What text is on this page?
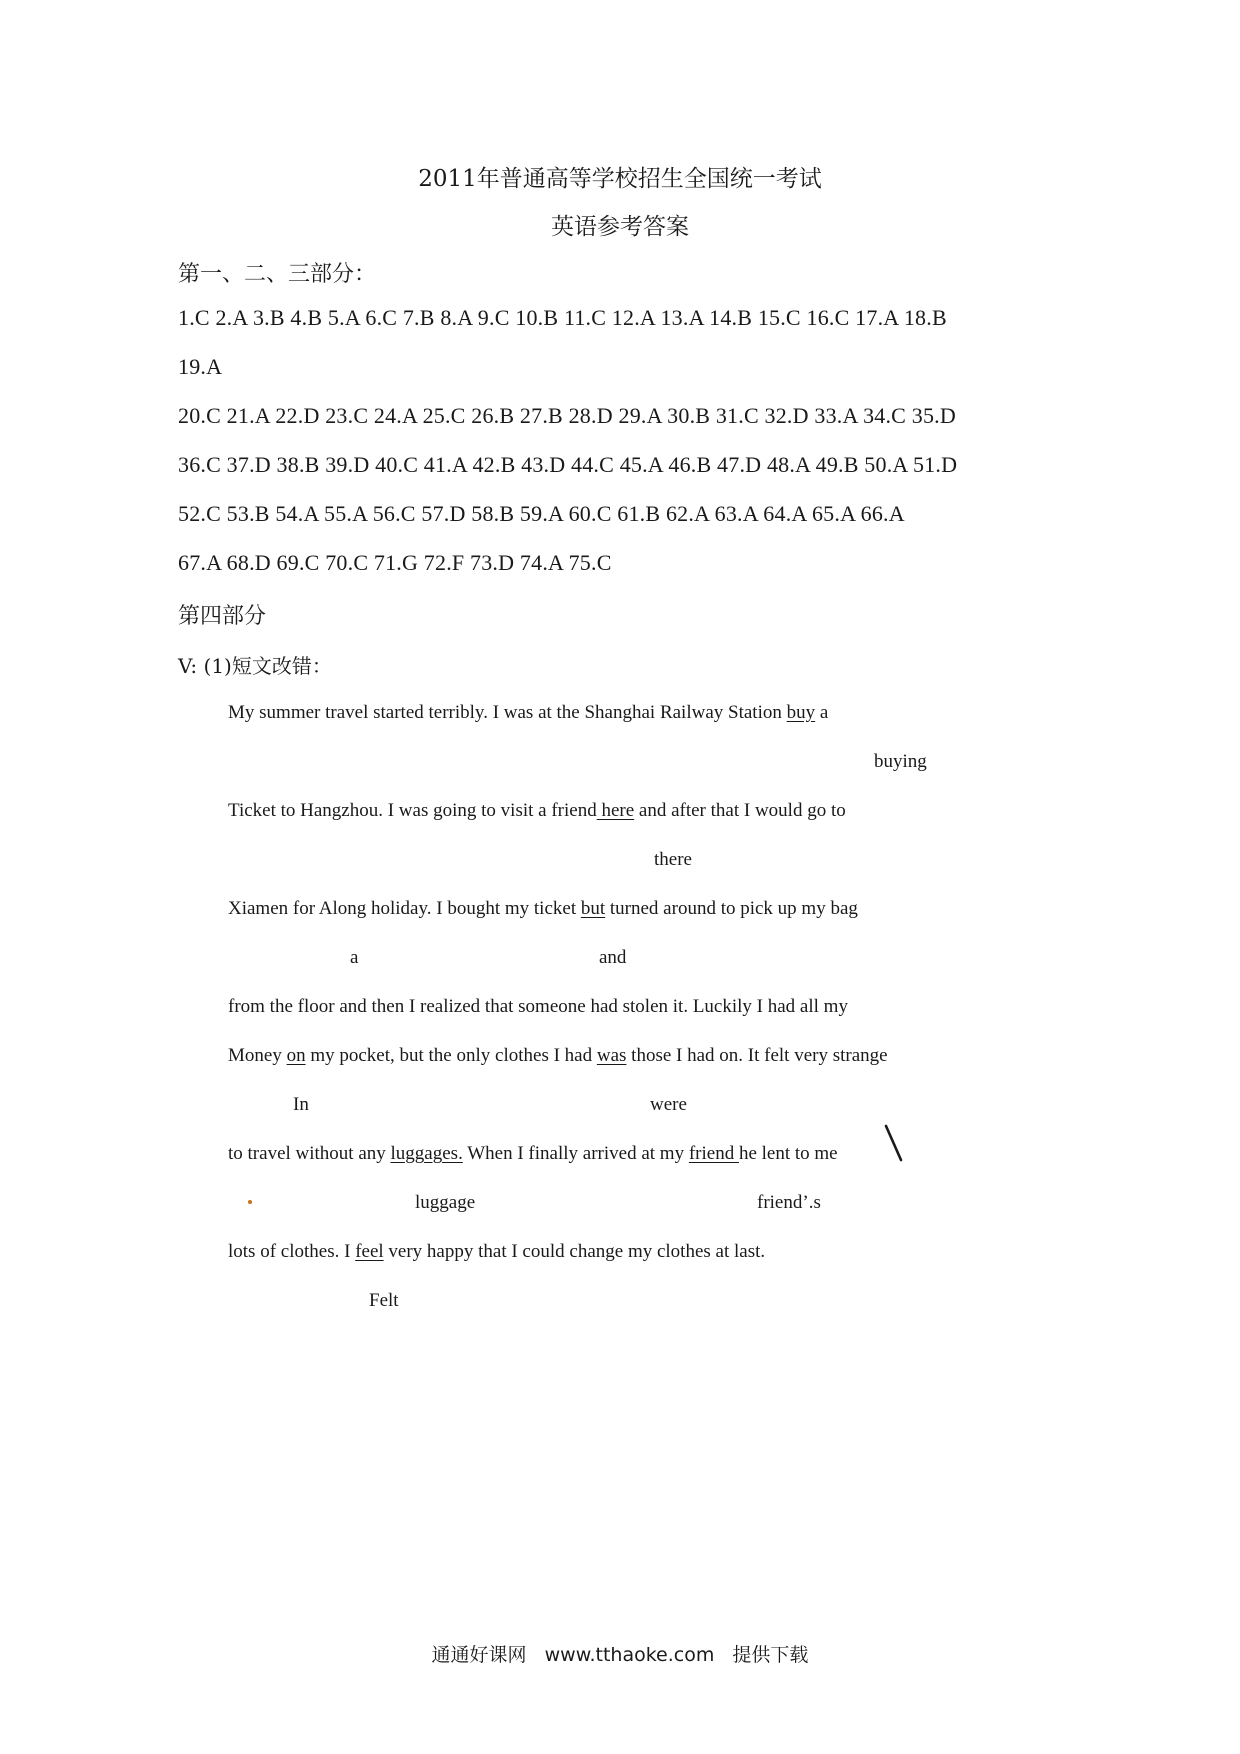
2011年普通高等学校招生全国统一考试
英语参考答案
第一、二、三部分：
1.C 2.A 3.B 4.B 5.A 6.C 7.B 8.A 9.C 10.B 11.C 12.A 13.A 14.B 15.C 16.C 17.A 18.B
19.A
20.C 21.A 22.D 23.C 24.A 25.C 26.B 27.B 28.D 29.A 30.B 31.C 32.D 33.A 34.C 35.D
36.C 37.D 38.B 39.D 40.C 41.A 42.B 43.D 44.C 45.A 46.B 47.D 48.A 49.B 50.A 51.D
52.C 53.B 54.A 55.A 56.C 57.D 58.B 59.A 60.C 61.B 62.A 63.A 64.A 65.A 66.A
67.A 68.D 69.C 70.C 71.G 72.F 73.D 74.A 75.C
第四部分
V: (1)短文改错：
My summer travel started terribly. I was at the Shanghai Railway Station buy a
buying
Ticket to Hangzhou. I was going to visit a friend here and after that I would go to
there
Xiamen for Along holiday. I bought my ticket but turned around to pick up my bag
a	and
from the floor and then I realized that someone had stolen it. Luckily I had all my
Money on my pocket, but the only clothes I had was those I had on. It felt very strange
In	were
to travel without any luggages. When I finally arrived at my friend he lent to me
luggage	friend’.s
lots of clothes. I feel very happy that I could change my clothes at last.
Felt
通通好课网 www.tthaoke.com 提供下载
